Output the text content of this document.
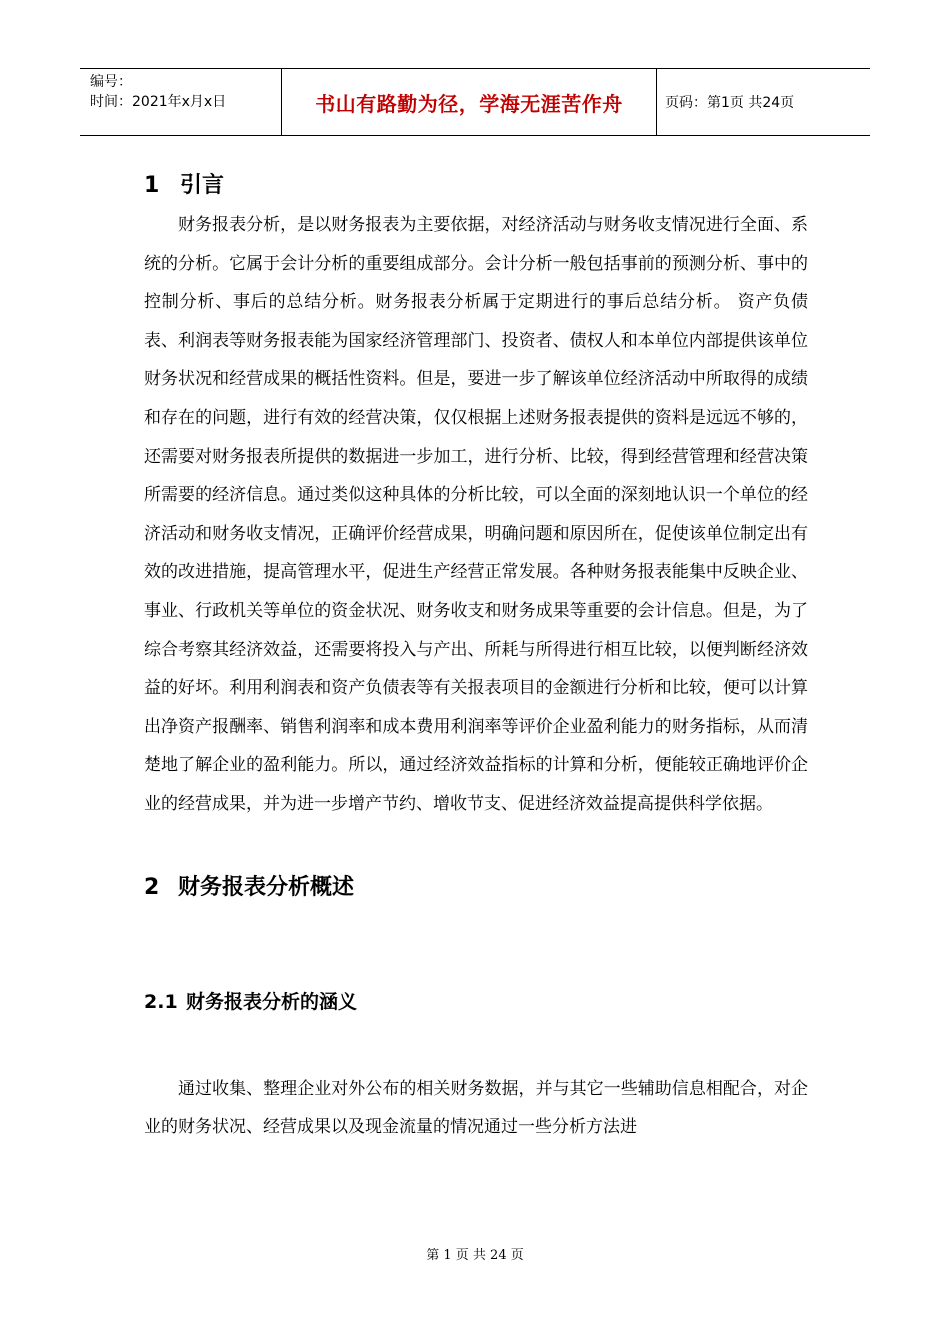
编号：
时间：2021年x月x日	书山有路勤为径，学海无涯苦作舟	页码：第1页 共24页
1 引言

财务报表分析，是以财务报表为主要依据，对经济活动与财务收支情况进行全面、系统的分析。它属于会计分析的重要组成部分。会计分析一般包括事前的预测分析、事中的控制分析、事后的总结分析。财务报表分析属于定期进行的事后总结分析。 资产负债表、利润表等财务报表能为国家经济管理部门、投资者、债权人和本单位内部提供该单位财务状况和经营成果的概括性资料。但是，要进一步了解该单位经济活动中所取得的成绩和存在的问题，进行有效的经营决策，仅仅根据上述财务报表提供的资料是远远不够的，还需要对财务报表所提供的数据进一步加工，进行分析、比较，得到经营管理和经营决策所需要的经济信息。通过类似这种具体的分析比较，可以全面的深刻地认识一个单位的经济活动和财务收支情况，正确评价经营成果，明确问题和原因所在，促使该单位制定出有效的改进措施，提高管理水平，促进生产经营正常发展。各种财务报表能集中反映企业、事业、行政机关等单位的资金状况、财务收支和财务成果等重要的会计信息。但是，为了综合考察其经济效益，还需要将投入与产出、所耗与所得进行相互比较，以便判断经济效益的好坏。利用利润表和资产负债表等有关报表项目的金额进行分析和比较，便可以计算出净资产报酬率、销售利润率和成本费用利润率等评价企业盈利能力的财务指标，从而清楚地了解企业的盈利能力。所以，通过经济效益指标的计算和分析，便能较正确地评价企业的经营成果，并为进一步增产节约、增收节支、促进经济效益提高提供科学依据。

2 财务报表分析概述
2.1 财务报表分析的涵义

通过收集、整理企业对外公布的相关财务数据，并与其它一些辅助信息相配合，对企业的财务状况、经营成果以及现金流量的情况通过一些分析方法进

第 1 页 共 24 页
